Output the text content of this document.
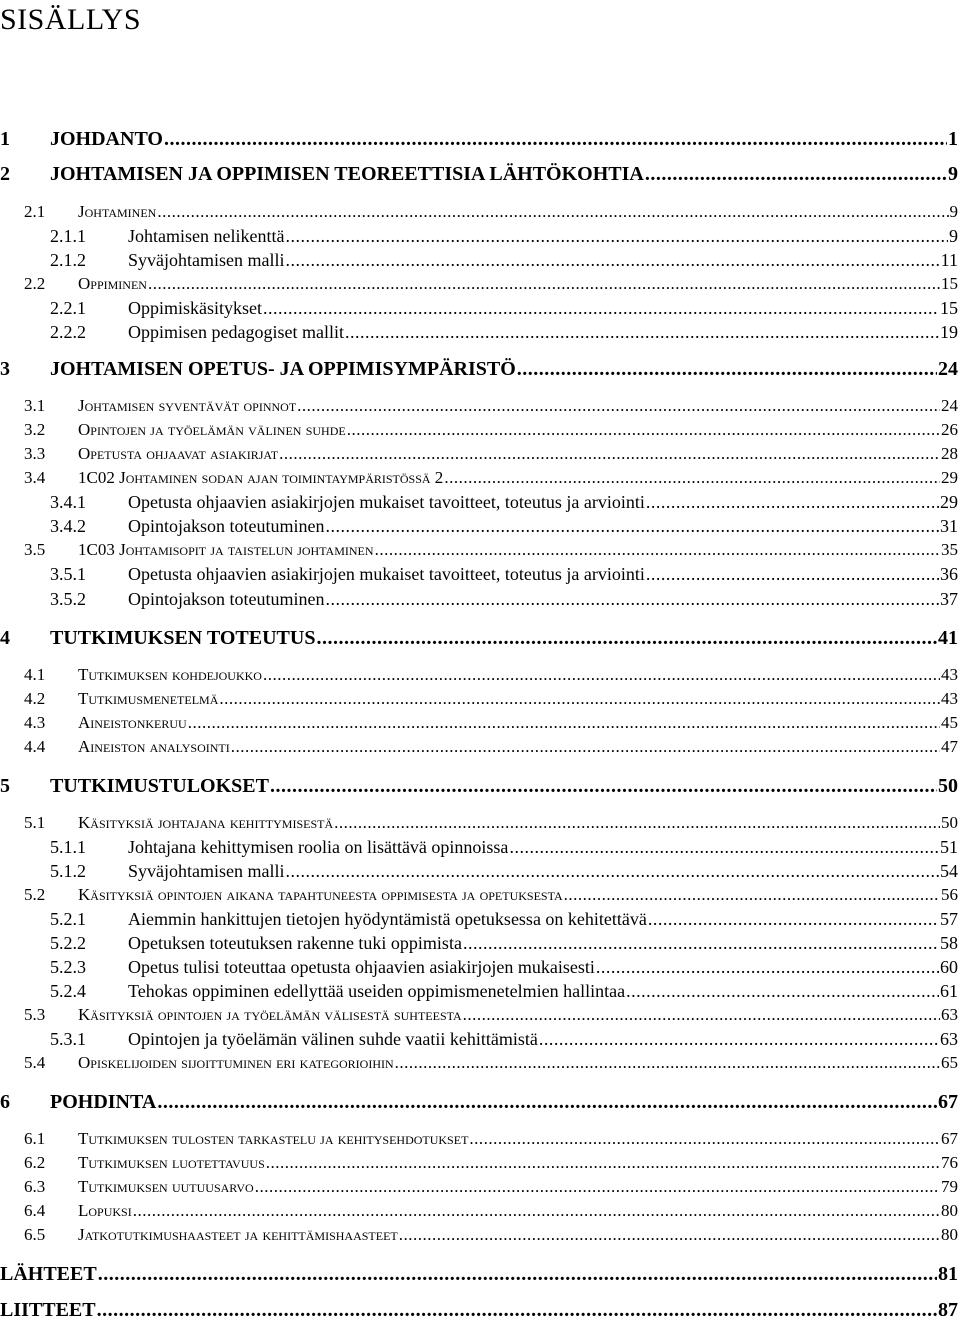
SISÄLLYS
1 JOHDANTO .....	1
2 JOHTAMISEN JA OPPIMISEN TEOREETTISIA LÄHTÖKOHTIA .....	9
2.1 Johtaminen .....	9
2.1.1 Johtamisen nelikenttä .....	9
2.1.2 Syväjohtamisen malli .....	11
2.2 Oppiminen .....	15
2.2.1 Oppimiskäsitykset .....	15
2.2.2 Oppimisen pedagogiset mallit .....	19
3 JOHTAMISEN OPETUS- JA OPPIMISYMPÄRISTÖ .....	24
3.1 Johtamisen syventävät opinnot .....	24
3.2 Opintojen ja työelämän välinen suhde .....	26
3.3 Opetusta ohjaavat asiakirjat .....	28
3.4 1C02 Johtaminen sodan ajan toimintaympäristössä 2 .....	29
3.4.1 Opetusta ohjaavien asiakirjojen mukaiset tavoitteet, toteutus ja arviointi .....	29
3.4.2 Opintojakson toteutuminen .....	31
3.5 1C03 Johtamisopit ja taistelun johtaminen .....	35
3.5.1 Opetusta ohjaavien asiakirjojen mukaiset tavoitteet, toteutus ja arviointi .....	36
3.5.2 Opintojakson toteutuminen .....	37
4 TUTKIMUKSEN TOTEUTUS .....	41
4.1 Tutkimuksen kohdejoukko .....	43
4.2 Tutkimusmenetelmä .....	43
4.3 Aineistonkeruu .....	45
4.4 Aineiston analysointi .....	47
5 TUTKIMUSTULOKSET .....	50
5.1 Käsityksiä johtajana kehittymisestä .....	50
5.1.1 Johtajana kehittymisen roolia on lisättävä opinnoissa .....	51
5.1.2 Syväjohtamisen malli .....	54
5.2 Käsityksiä opintojen aikana tapahtuneesta oppimisesta ja opetuksesta .....	56
5.2.1 Aiemmin hankittujen tietojen hyödyntämistä opetuksessa on kehitettävä .....	57
5.2.2 Opetuksen toteutuksen rakenne tuki oppimista .....	58
5.2.3 Opetus tulisi toteuttaa opetusta ohjaavien asiakirjojen mukaisesti .....	60
5.2.4 Tehokas oppiminen edellyttää useiden oppimismenetelmien hallintaa .....	61
5.3 Käsityksiä opintojen ja työelämän välisestä suhteesta .....	63
5.3.1 Opintojen ja työelämän välinen suhde vaatii kehittämistä .....	63
5.4 Opiskelijoiden sijoittuminen eri kategorioihin .....	65
6 POHDINTA .....	67
6.1 Tutkimuksen tulosten tarkastelu ja kehitysehdotukset .....	67
6.2 Tutkimuksen luotettavuus .....	76
6.3 Tutkimuksen uutuusarvo .....	79
6.4 Lopuksi .....	80
6.5 Jatkotutkimushaasteet ja kehittämishaasteet .....	80
LÄHTEET .....	81
LIITTEET .....	87
